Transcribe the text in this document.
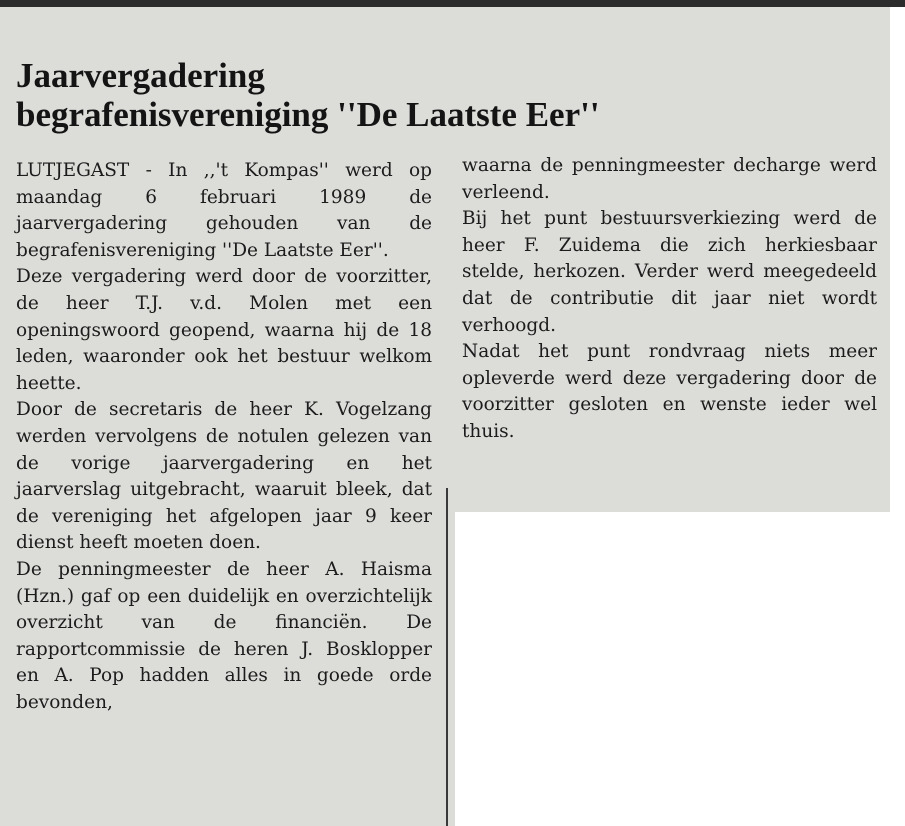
Jaarvergadering
begrafenisvereniging ''De Laatste Eer''

LUTJEGAST - In ,,'t Kompas'' werd op maandag 6 februari 1989 de jaarvergadering gehouden van de begrafenisvereniging ''De Laatste Eer''.

Deze vergadering werd door de voorzitter, de heer T.J. v.d. Molen met een openingswoord geopend, waarna hij de 18 leden, waaronder ook het bestuur welkom heette.

Door de secretaris de heer K. Vogelzang werden vervolgens de notulen gelezen van de vorige jaarvergadering en het jaarverslag uitgebracht, waaruit bleek, dat de vereniging het afgelopen jaar 9 keer dienst heeft moeten doen.

De penningmeester de heer A. Haisma (Hzn.) gaf op een duidelijk en overzichtelijk overzicht van de financiën. De rapportcommissie de heren J. Bosklopper en A. Pop hadden alles in goede orde bevonden,

waarna de penningmeester decharge werd verleend.

Bij het punt bestuursverkiezing werd de heer F. Zuidema die zich herkiesbaar stelde, herkozen. Verder werd meegedeeld dat de contributie dit jaar niet wordt verhoogd.

Nadat het punt rondvraag niets meer opleverde werd deze vergadering door de voorzitter gesloten en wenste ieder wel thuis.
